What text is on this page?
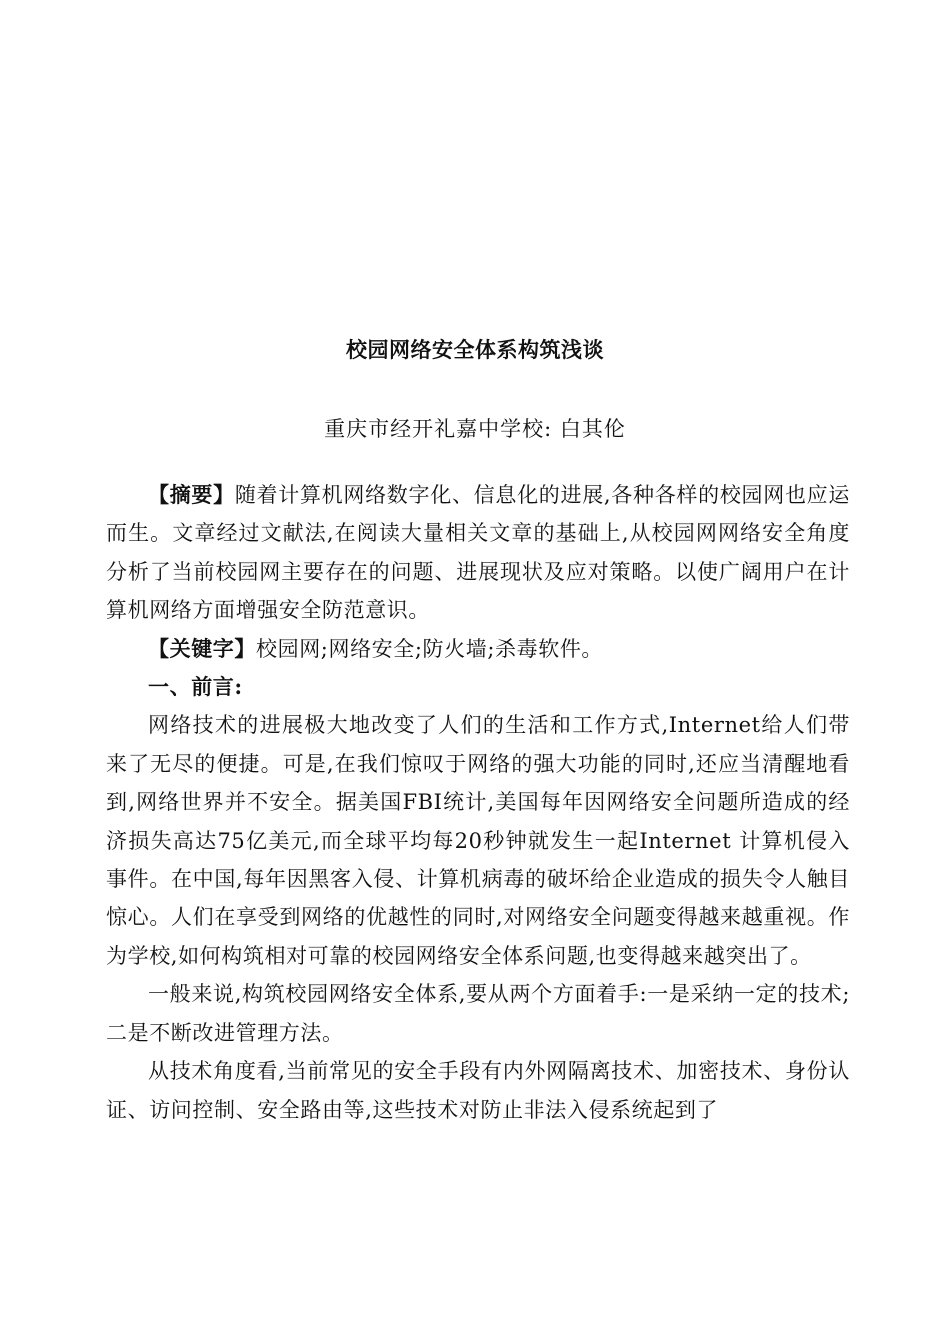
校园网络安全体系构筑浅谈
重庆市经开礼嘉中学校: 白其伦

【摘要】随着计算机网络数字化、信息化的进展,各种各样的校园网也应运而生。文章经过文献法,在阅读大量相关文章的基础上,从校园网网络安全角度分析了当前校园网主要存在的问题、进展现状及应对策略。以使广阔用户在计算机网络方面增强安全防范意识。

【关键字】校园网;网络安全;防火墙;杀毒软件。

一、前言:

网络技术的进展极大地改变了人们的生活和工作方式,Internet给人们带来了无尽的便捷。可是,在我们惊叹于网络的强大功能的同时,还应当清醒地看到,网络世界并不安全。据美国FBI统计,美国每年因网络安全问题所造成的经济损失高达75亿美元,而全球平均每20秒钟就发生一起Internet 计算机侵入事件。在中国,每年因黑客入侵、计算机病毒的破坏给企业造成的损失令人触目惊心。人们在享受到网络的优越性的同时,对网络安全问题变得越来越重视。作为学校,如何构筑相对可靠的校园网络安全体系问题,也变得越来越突出了。

一般来说,构筑校园网络安全体系,要从两个方面着手:一是采纳一定的技术;二是不断改进管理方法。

从技术角度看,当前常见的安全手段有内外网隔离技术、加密技术、身份认证、访问控制、安全路由等,这些技术对防止非法入侵系统起到了
